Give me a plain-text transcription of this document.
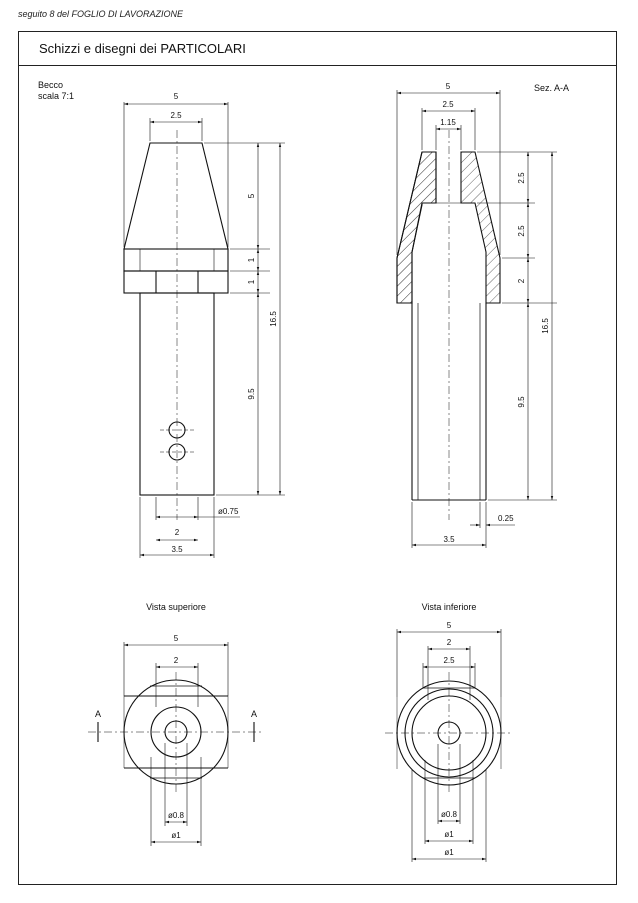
seguito 8 del FOGLIO DI LAVORAZIONE
Schizzi e disegni dei PARTICOLARI
Becco
scala 7:1	5
2.5
5
1
1
9.5
16.5
ø0.75
2
3.5
Sez. A-A
5
2.5
1.15
2.5
2.5
2
9.5
16.5
0.25
3.5
Vista superiore
5
2
ø0.8
ø1
A	A
Vista inferiore
5
2
2.5
ø0.8
ø1
ø1
